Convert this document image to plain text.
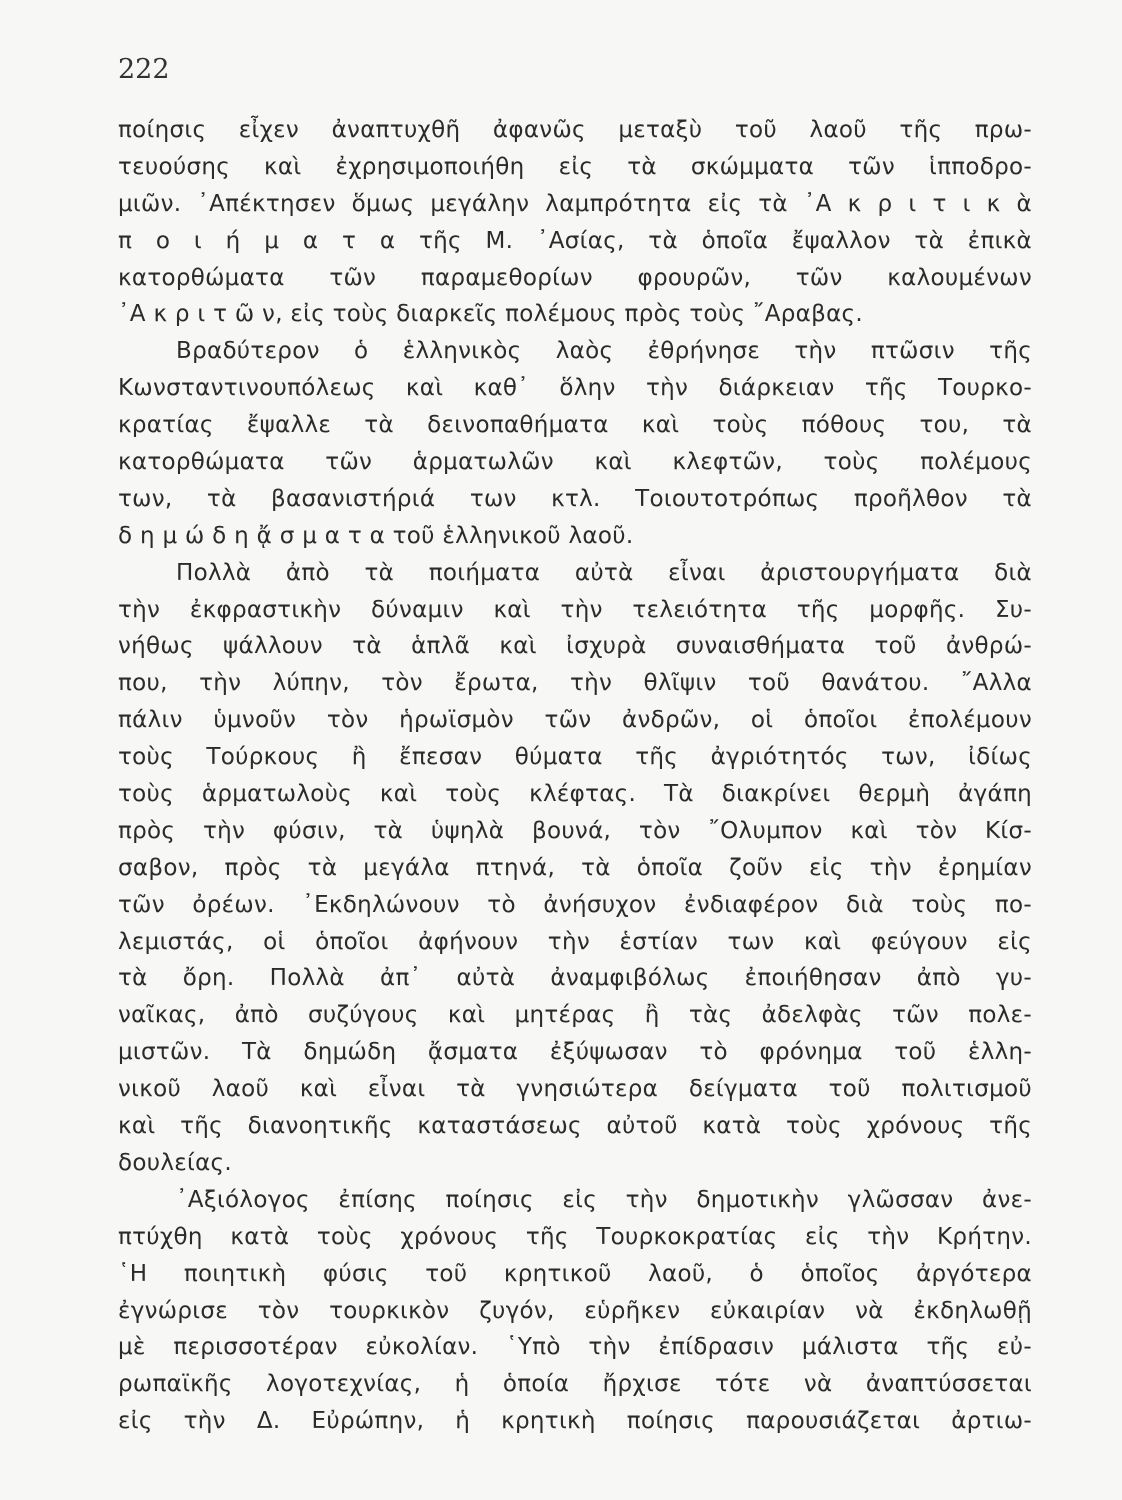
222
ποίησις εἶχεν ἀναπτυχθῆ ἀφανῶς μεταξὺ τοῦ λαοῦ τῆς πρω-
τευούσης καὶ ἐχρησιμοποιήθη εἰς τὰ σκώμματα τῶν ἱπποδρο-
μιῶν. ᾿Απέκτησεν ὅμως μεγάλην λαμπρότητα εἰς τὰ ᾿Α κ ρ ι τ ι κ ὰ
π ο ι ή μ α τ α τῆς Μ. ᾿Ασίας, τὰ ὁποῖα ἔψαλλον τὰ ἐπικὰ
κατορθώματα τῶν παραμεθορίων φρουρῶν, τῶν καλουμένων
᾿Α κ ρ ι τ ῶ ν, εἰς τοὺς διαρκεῖς πολέμους πρὸς τοὺς ῎Αραβας.
Βραδύτερον ὁ ἑλληνικὸς λαὸς ἐθρήνησε τὴν πτῶσιν τῆς
Κωνσταντινουπόλεως καὶ καθ᾿ ὅλην τὴν διάρκειαν τῆς Τουρκο-
κρατίας ἔψαλλε τὰ δεινοπαθήματα καὶ τοὺς πόθους του, τὰ
κατορθώματα τῶν ἁρματωλῶν καὶ κλεφτῶν, τοὺς πολέμους
των, τὰ βασανιστήριά των κτλ. Τοιουτοτρόπως προῆλθον τὰ
δ η μ ώ δ η ᾄ σ μ α τ α τοῦ ἑλληνικοῦ λαοῦ.
Πολλὰ ἀπὸ τὰ ποιήματα αὐτὰ εἶναι ἀριστουργήματα διὰ
τὴν ἐκφραστικὴν δύναμιν καὶ τὴν τελειότητα τῆς μορφῆς. Συ-
νήθως ψάλλουν τὰ ἁπλᾶ καὶ ἰσχυρὰ συναισθήματα τοῦ ἀνθρώ-
που, τὴν λύπην, τὸν ἔρωτα, τὴν θλῖψιν τοῦ θανάτου. ῎Αλλα
πάλιν ὑμνοῦν τὸν ἡρωϊσμὸν τῶν ἀνδρῶν, οἱ ὁποῖοι ἐπολέμουν
τοὺς Τούρκους ἢ ἔπεσαν θύματα τῆς ἀγριότητός των, ἰδίως
τοὺς ἁρματωλοὺς καὶ τοὺς κλέφτας. Τὰ διακρίνει θερμὴ ἀγάπη
πρὸς τὴν φύσιν, τὰ ὑψηλὰ βουνά, τὸν ῎Ολυμπον καὶ τὸν Κίσ-
σαβον, πρὸς τὰ μεγάλα πτηνά, τὰ ὁποῖα ζοῦν εἰς τὴν ἐρημίαν
τῶν ὀρέων. ᾿Εκδηλώνουν τὸ ἀνήσυχον ἐνδιαφέρον διὰ τοὺς πο-
λεμιστάς, οἱ ὁποῖοι ἀφήνουν τὴν ἑστίαν των καὶ φεύγουν εἰς
τὰ ὄρη. Πολλὰ ἀπ᾿ αὐτὰ ἀναμφιβόλως ἐποιήθησαν ἀπὸ γυ-
ναῖκας, ἀπὸ συζύγους καὶ μητέρας ἢ τὰς ἀδελφὰς τῶν πολε-
μιστῶν. Τὰ δημώδη ᾄσματα ἐξύψωσαν τὸ φρόνημα τοῦ ἑλλη-
νικοῦ λαοῦ καὶ εἶναι τὰ γνησιώτερα δείγματα τοῦ πολιτισμοῦ
καὶ τῆς διανοητικῆς καταστάσεως αὐτοῦ κατὰ τοὺς χρόνους τῆς
δουλείας.
᾿Αξιόλογος ἐπίσης ποίησις εἰς τὴν δημοτικὴν γλῶσσαν ἀνε-
πτύχθη κατὰ τοὺς χρόνους τῆς Τουρκοκρατίας εἰς τὴν Κρήτην.
῾Η ποιητικὴ φύσις τοῦ κρητικοῦ λαοῦ, ὁ ὁποῖος ἀργότερα
ἐγνώρισε τὸν τουρκικὸν ζυγόν, εὑρῆκεν εὐκαιρίαν νὰ ἐκδηλωθῇ
μὲ περισσοτέραν εὐκολίαν. ῾Υπὸ τὴν ἐπίδρασιν μάλιστα τῆς εὐ-
ρωπαϊκῆς λογοτεχνίας, ἡ ὁποία ἤρχισε τότε νὰ ἀναπτύσσεται
εἰς τὴν Δ. Εὐρώπην, ἡ κρητικὴ ποίησις παρουσιάζεται ἀρτιω-
